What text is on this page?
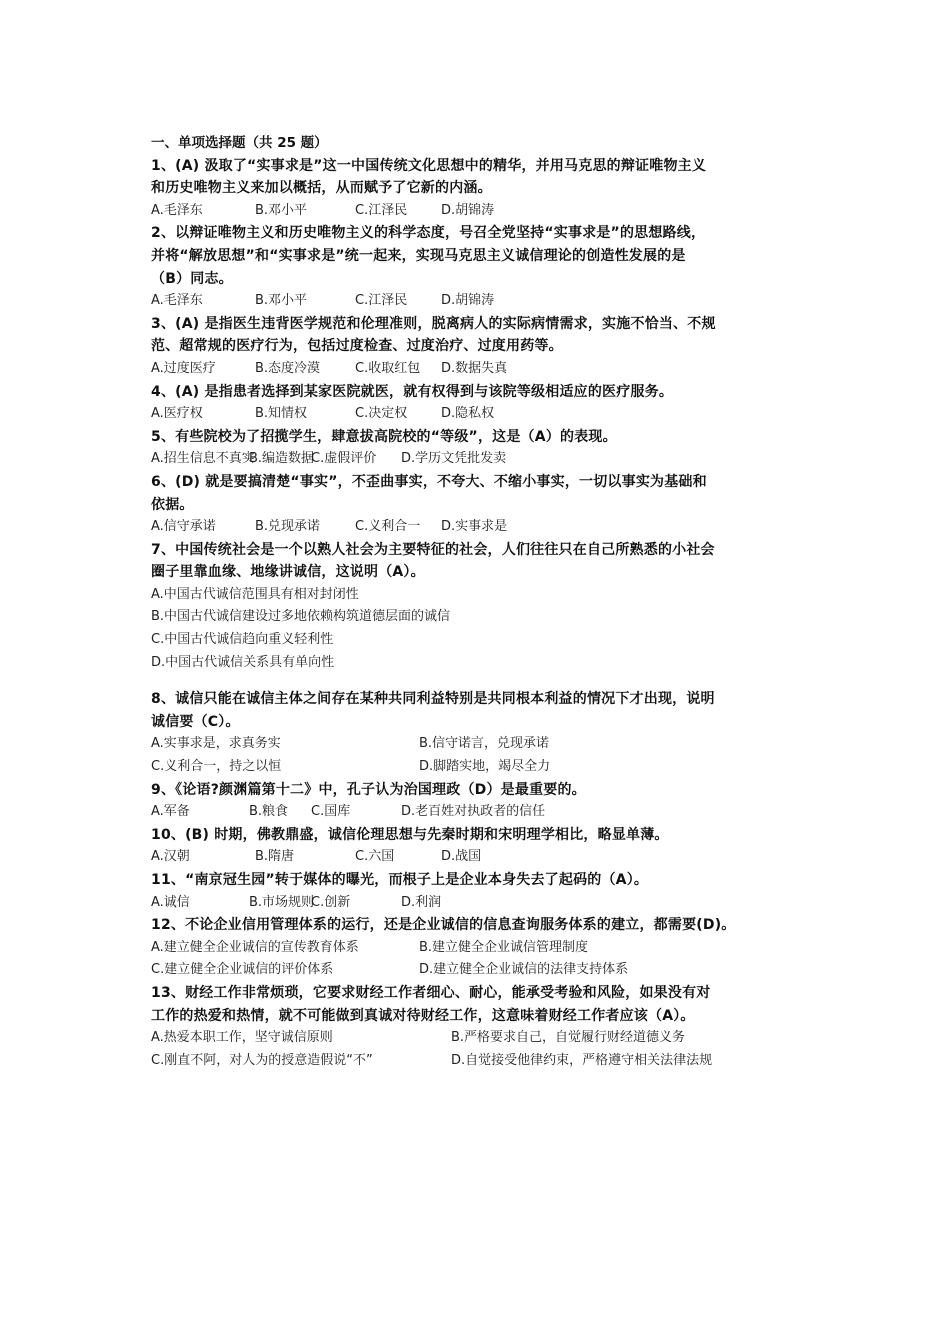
一、单项选择题（共 25 题）
1、(A) 汲取了“实事求是”这一中国传统文化思想中的精华，并用马克思的辩证唯物主义
和历史唯物主义来加以概括，从而赋予了它新的内涵。
A.毛泽东	B.邓小平	C.江泽民	D.胡锦涛
2、以辩证唯物主义和历史唯物主义的科学态度，号召全党坚持“实事求是”的思想路线，
并将“解放思想”和“实事求是”统一起来，实现马克思主义诚信理论的创造性发展的是
（B）同志。
A.毛泽东	B.邓小平	C.江泽民	D.胡锦涛
3、(A) 是指医生违背医学规范和伦理准则，脱离病人的实际病情需求，实施不恰当、不规
范、超常规的医疗行为，包括过度检查、过度治疗、过度用药等。
A.过度医疗	B.态度冷漠	C.收取红包 D.数据失真
4、(A) 是指患者选择到某家医院就医，就有权得到与该院等级相适应的医疗服务。
A.医疗权	B.知情权	C.决定权	D.隐私权
5、有些院校为了招揽学生，肆意拔高院校的“等级”，这是（A）的表现。
A.招生信息不真实
B.编造数据
C.虚假评价 D.学历文凭批发卖
6、(D) 就是要搞清楚“事实”，不歪曲事实，不夸大、不缩小事实，一切以事实为基础和
依据。
A.信守承诺	B.兑现承诺	C.义利合一 D.实事求是
7、中国传统社会是一个以熟人社会为主要特征的社会，人们往往只在自己所熟悉的小社会
圈子里靠血缘、地缘讲诚信，这说明（A）。
A.中国古代诚信范围具有相对封闭性
B.中国古代诚信建设过多地依赖构筑道德层面的诚信
C.中国古代诚信趋向重义轻利性
D.中国古代诚信关系具有单向性
8、诚信只能在诚信主体之间存在某种共同利益特别是共同根本利益的情况下才出现，说明
诚信要（C）。
A.实事求是，求真务实	B.信守诺言，兑现承诺
C.义利合一，持之以恒	D.脚踏实地，竭尽全力
9、《论语?颜渊篇第十二》中，孔子认为治国理政（D）是最重要的。
A.军备	B.粮食 C.国库	D.老百姓对执政者的信任
10、(B) 时期，佛教鼎盛，诚信伦理思想与先秦时期和宋明理学相比，略显单薄。
A.汉朝	B.隋唐	C.六国	D.战国
11、“南京冠生园”转于媒体的曝光，而根子上是企业本身失去了起码的（A）。
A.诚信	B.市场规则
C.创新	D.利润
12、不论企业信用管理体系的运行，还是企业诚信的信息查询服务体系的建立，都需要(D)。
A.建立健全企业诚信的宣传教育体系	B.建立健全企业诚信管理制度
C.建立健全企业诚信的评价体系	D.建立健全企业诚信的法律支持体系
13、财经工作非常烦琐，它要求财经工作者细心、耐心，能承受考验和风险，如果没有对
工作的热爱和热情，就不可能做到真诚对待财经工作，这意味着财经工作者应该（A）。
A.热爱本职工作，坚守诚信原则	B.严格要求自己，自觉履行财经道德义务
C.刚直不阿，对人为的授意造假说“不”	D.自觉接受他律约束，严格遵守相关法律法规
